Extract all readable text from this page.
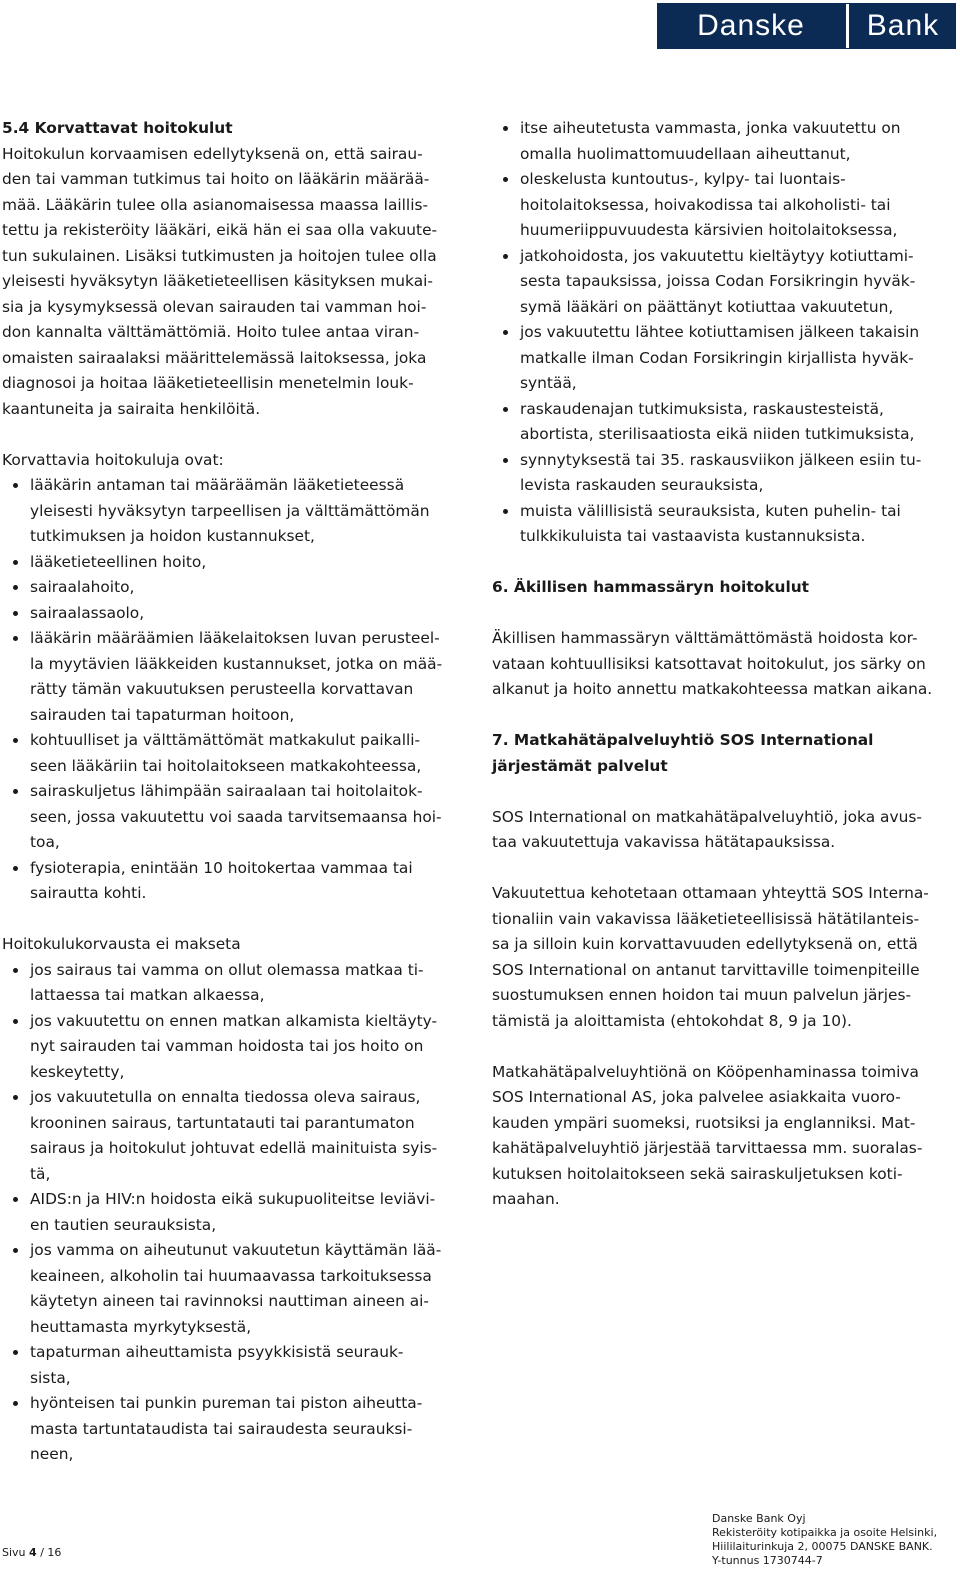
Danske	Bank

5.4 Korvattavat hoitokulut

Hoitokulun korvaamisen edellytyksenä on, että sairau-
den tai vamman tutkimus tai hoito on lääkärin määrää-
mää. Lääkärin tulee olla asianomaisessa maassa laillis-
tettu ja rekisteröity lääkäri, eikä hän ei saa olla vakuute-
tun sukulainen. Lisäksi tutkimusten ja hoitojen tulee olla
yleisesti hyväksytyn lääketieteellisen käsityksen mukai-
sia ja kysymyksessä olevan sairauden tai vamman hoi-
don kannalta välttämättömiä. Hoito tulee antaa viran-
omaisten sairaalaksi määrittelemässä laitoksessa, joka
diagnosoi ja hoitaa lääketieteellisin menetelmin louk-
kaantuneita ja sairaita henkilöitä.

Korvattavia hoitokuluja ovat:

lääkärin antaman tai määräämän lääketieteessä
yleisesti hyväksytyn tarpeellisen ja välttämättömän
tutkimuksen ja hoidon kustannukset,
lääketieteellinen hoito,
sairaalahoito,
sairaalassaolo,
lääkärin määräämien lääkelaitoksen luvan perusteel-
la myytävien lääkkeiden kustannukset, jotka on mää-
rätty tämän vakuutuksen perusteella korvattavan
sairauden tai tapaturman hoitoon,
kohtuulliset ja välttämättömät matkakulut paikalli-
seen lääkäriin tai hoitolaitokseen matkakohteessa,
sairaskuljetus lähimpään sairaalaan tai hoitolaitok-
seen, jossa vakuutettu voi saada tarvitsemaansa hoi-
toa,
fysioterapia, enintään 10 hoitokertaa vammaa tai
sairautta kohti.

Hoitokulukorvausta ei makseta

jos sairaus tai vamma on ollut olemassa matkaa ti-
lattaessa tai matkan alkaessa,
jos vakuutettu on ennen matkan alkamista kieltäyty-
nyt sairauden tai vamman hoidosta tai jos hoito on
keskeytetty,
jos vakuutetulla on ennalta tiedossa oleva sairaus,
krooninen sairaus, tartuntatauti tai parantumaton
sairaus ja hoitokulut johtuvat edellä mainituista syis-
tä,
AIDS:n ja HIV:n hoidosta eikä sukupuoliteitse leviävi-
en tautien seurauksista,
jos vamma on aiheutunut vakuutetun käyttämän lää-
keaineen, alkoholin tai huumaavassa tarkoituksessa
käytetyn aineen tai ravinnoksi nauttiman aineen ai-
heuttamasta myrkytyksestä,
tapaturman aiheuttamista psyykkisistä seurauk-
sista,
hyönteisen tai punkin pureman tai piston aiheutta-
masta tartuntataudista tai sairaudesta seurauksi-
neen,
itse aiheutetusta vammasta, jonka vakuutettu on
omalla huolimattomuudellaan aiheuttanut,
oleskelusta kuntoutus-, kylpy- tai luontais-
hoitolaitoksessa, hoivakodissa tai alkoholisti- tai
huumeriippuvuudesta kärsivien hoitolaitoksessa,
jatkohoidosta, jos vakuutettu kieltäytyy kotiuttami-
sesta tapauksissa, joissa Codan Forsikringin hyväk-
symä lääkäri on päättänyt kotiuttaa vakuutetun,
jos vakuutettu lähtee kotiuttamisen jälkeen takaisin
matkalle ilman Codan Forsikringin kirjallista hyväk-
syntää,
raskaudenajan tutkimuksista, raskaustesteistä,
abortista, sterilisaatiosta eikä niiden tutkimuksista,
synnytyksestä tai 35. raskausviikon jälkeen esiin tu-
levista raskauden seurauksista,
muista välillisistä seurauksista, kuten puhelin- tai
tulkkikuluista tai vastaavista kustannuksista.

6. Äkillisen hammassäryn hoitokulut

Äkillisen hammassäryn välttämättömästä hoidosta kor-
vataan kohtuullisiksi katsottavat hoitokulut, jos särky on
alkanut ja hoito annettu matkakohteessa matkan aikana.

7. Matkahätäpalveluyhtiö SOS International
järjestämät palvelut

SOS International on matkahätäpalveluyhtiö, joka avus-
taa vakuutettuja vakavissa hätätapauksissa.

Vakuutettua kehotetaan ottamaan yhteyttä SOS Interna-
tionaliin vain vakavissa lääketieteellisissä hätätilanteis-
sa ja silloin kuin korvattavuuden edellytyksenä on, että
SOS International on antanut tarvittaville toimenpiteille
suostumuksen ennen hoidon tai muun palvelun järjes-
tämistä ja aloittamista (ehtokohdat 8, 9 ja 10).

Matkahätäpalveluyhtiönä on Kööpenhaminassa toimiva
SOS International AS, joka palvelee asiakkaita vuoro-
kauden ympäri suomeksi, ruotsiksi ja englanniksi. Mat-
kahätäpalveluyhtiö järjestää tarvittaessa mm. suoralas-
kutuksen hoitolaitokseen sekä sairaskuljetuksen koti-
maahan.

Sivu 4 / 16
Danske Bank Oyj
Rekisteröity kotipaikka ja osoite Helsinki,
Hiililaiturinkuja 2, 00075 DANSKE BANK.
Y-tunnus 1730744-7
